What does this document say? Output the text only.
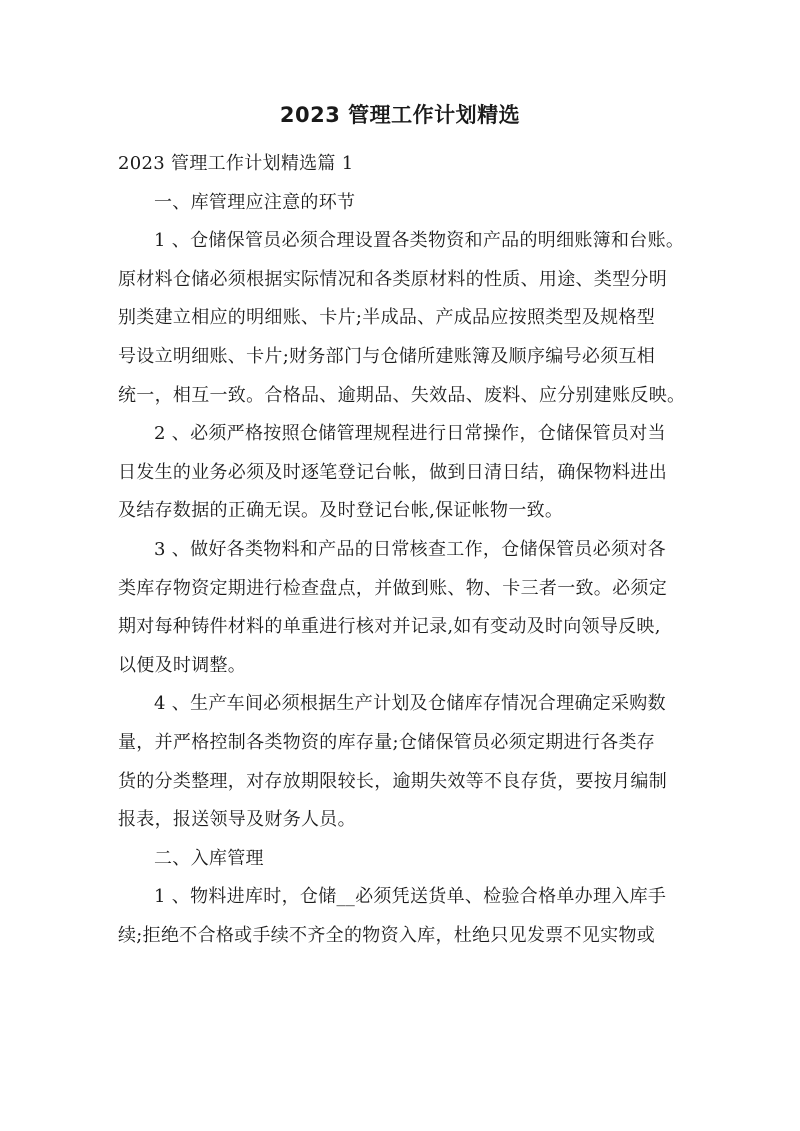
2023 管理工作计划精选

2023 管理工作计划精选篇 1

一、库管理应注意的环节

1 、仓储保管员必须合理设置各类物资和产品的明细账簿和台账。

原材料仓储必须根据实际情况和各类原材料的性质、用途、类型分明

别类建立相应的明细账、卡片;半成品、产成品应按照类型及规格型

号设立明细账、卡片;财务部门与仓储所建账簿及顺序编号必须互相

统一，相互一致。合格品、逾期品、失效品、废料、应分别建账反映。

2 、必须严格按照仓储管理规程进行日常操作，仓储保管员对当

日发生的业务必须及时逐笔登记台帐，做到日清日结，确保物料进出

及结存数据的正确无误。及时登记台帐,保证帐物一致。

3 、做好各类物料和产品的日常核查工作，仓储保管员必须对各

类库存物资定期进行检查盘点，并做到账、物、卡三者一致。必须定

期对每种铸件材料的单重进行核对并记录,如有变动及时向领导反映,

以便及时调整。

4 、生产车间必须根据生产计划及仓储库存情况合理确定采购数

量，并严格控制各类物资的库存量;仓储保管员必须定期进行各类存

货的分类整理，对存放期限较长，逾期失效等不良存货，要按月编制

报表，报送领导及财务人员。

二、入库管理

1 、物料进库时，仓储__必须凭送货单、检验合格单办理入库手

续;拒绝不合格或手续不齐全的物资入库，杜绝只见发票不见实物或
